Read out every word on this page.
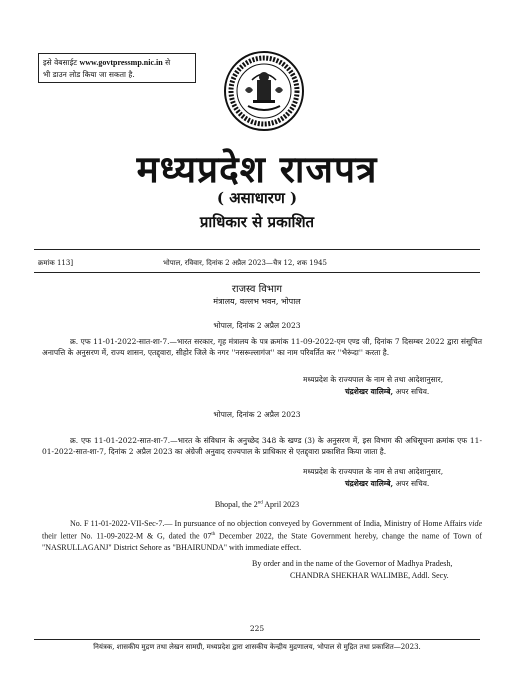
इसे वेबसाईट www.govtpressmp.nic.in से
भी डाउन लोड किया जा सकता है.
मध्यप्रदेश राजपत्र
( असाधारण )
प्राधिकार से प्रकाशित
क्रमांक 113]	भोपाल, रविवार, दिनांक 2 अप्रैल 2023—चैत्र 12, शक 1945
राजस्व विभाग
मंत्रालय, वल्लभ भवन, भोपाल
भोपाल, दिनांक 2 अप्रैल 2023
क्र. एफ 11-01-2022-सात-शा-7.—भारत सरकार, गृह मंत्रालय के पत्र क्रमांक 11-09-2022-एम एण्ड जी, दिनांक 7 दिसम्बर 2022 द्वारा संसूचित अनापत्ति के अनुसरण में, राज्य शासन, एतद्द्वारा, सीहोर जिले के नगर ''नसरूल्लागंज'' का नाम परिवर्तित कर ''भैरूंदा'' करता है.
मध्यप्रदेश के राज्यपाल के नाम से तथा आदेशानुसार,
चंद्रशेखर वालिम्बे, अपर सचिव.
भोपाल, दिनांक 2 अप्रैल 2023
क्र. एफ 11-01-2022-सात-शा-7.—भारत के संविधान के अनुच्छेद 348 के खण्ड (3) के अनुसरण में, इस विभाग की अधिसूचना क्रमांक एफ 11-01-2022-सात-शा-7, दिनांक 2 अप्रैल 2023 का अंग्रेजी अनुवाद राज्यपाल के प्राधिकार से एतद्द्वारा प्रकाशित किया जाता है.
मध्यप्रदेश के राज्यपाल के नाम से तथा आदेशानुसार,
चंद्रशेखर वालिम्बे, अपर सचिव.
Bhopal, the 2nd April 2023
No. F 11-01-2022-VII-Sec-7.— In pursuance of no objection conveyed by Government of India, Ministry of Home Affairs vide their letter No. 11-09-2022-M & G, dated the 07th December 2022, the State Government hereby, change the name of Town of "NASRULLAGANJ" District Sehore as "BHAIRUNDA" with immediate effect.
By order and in the name of the Governor of Madhya Pradesh,
CHANDRA SHEKHAR WALIMBE, Addl. Secy.
225
नियंत्रक, शासकीय मुद्रण तथा लेखन सामग्री, मध्यप्रदेश द्वारा शासकीय केन्द्रीय मुद्रणालय, भोपाल से मुद्रित तथा प्रकाशित—2023.
